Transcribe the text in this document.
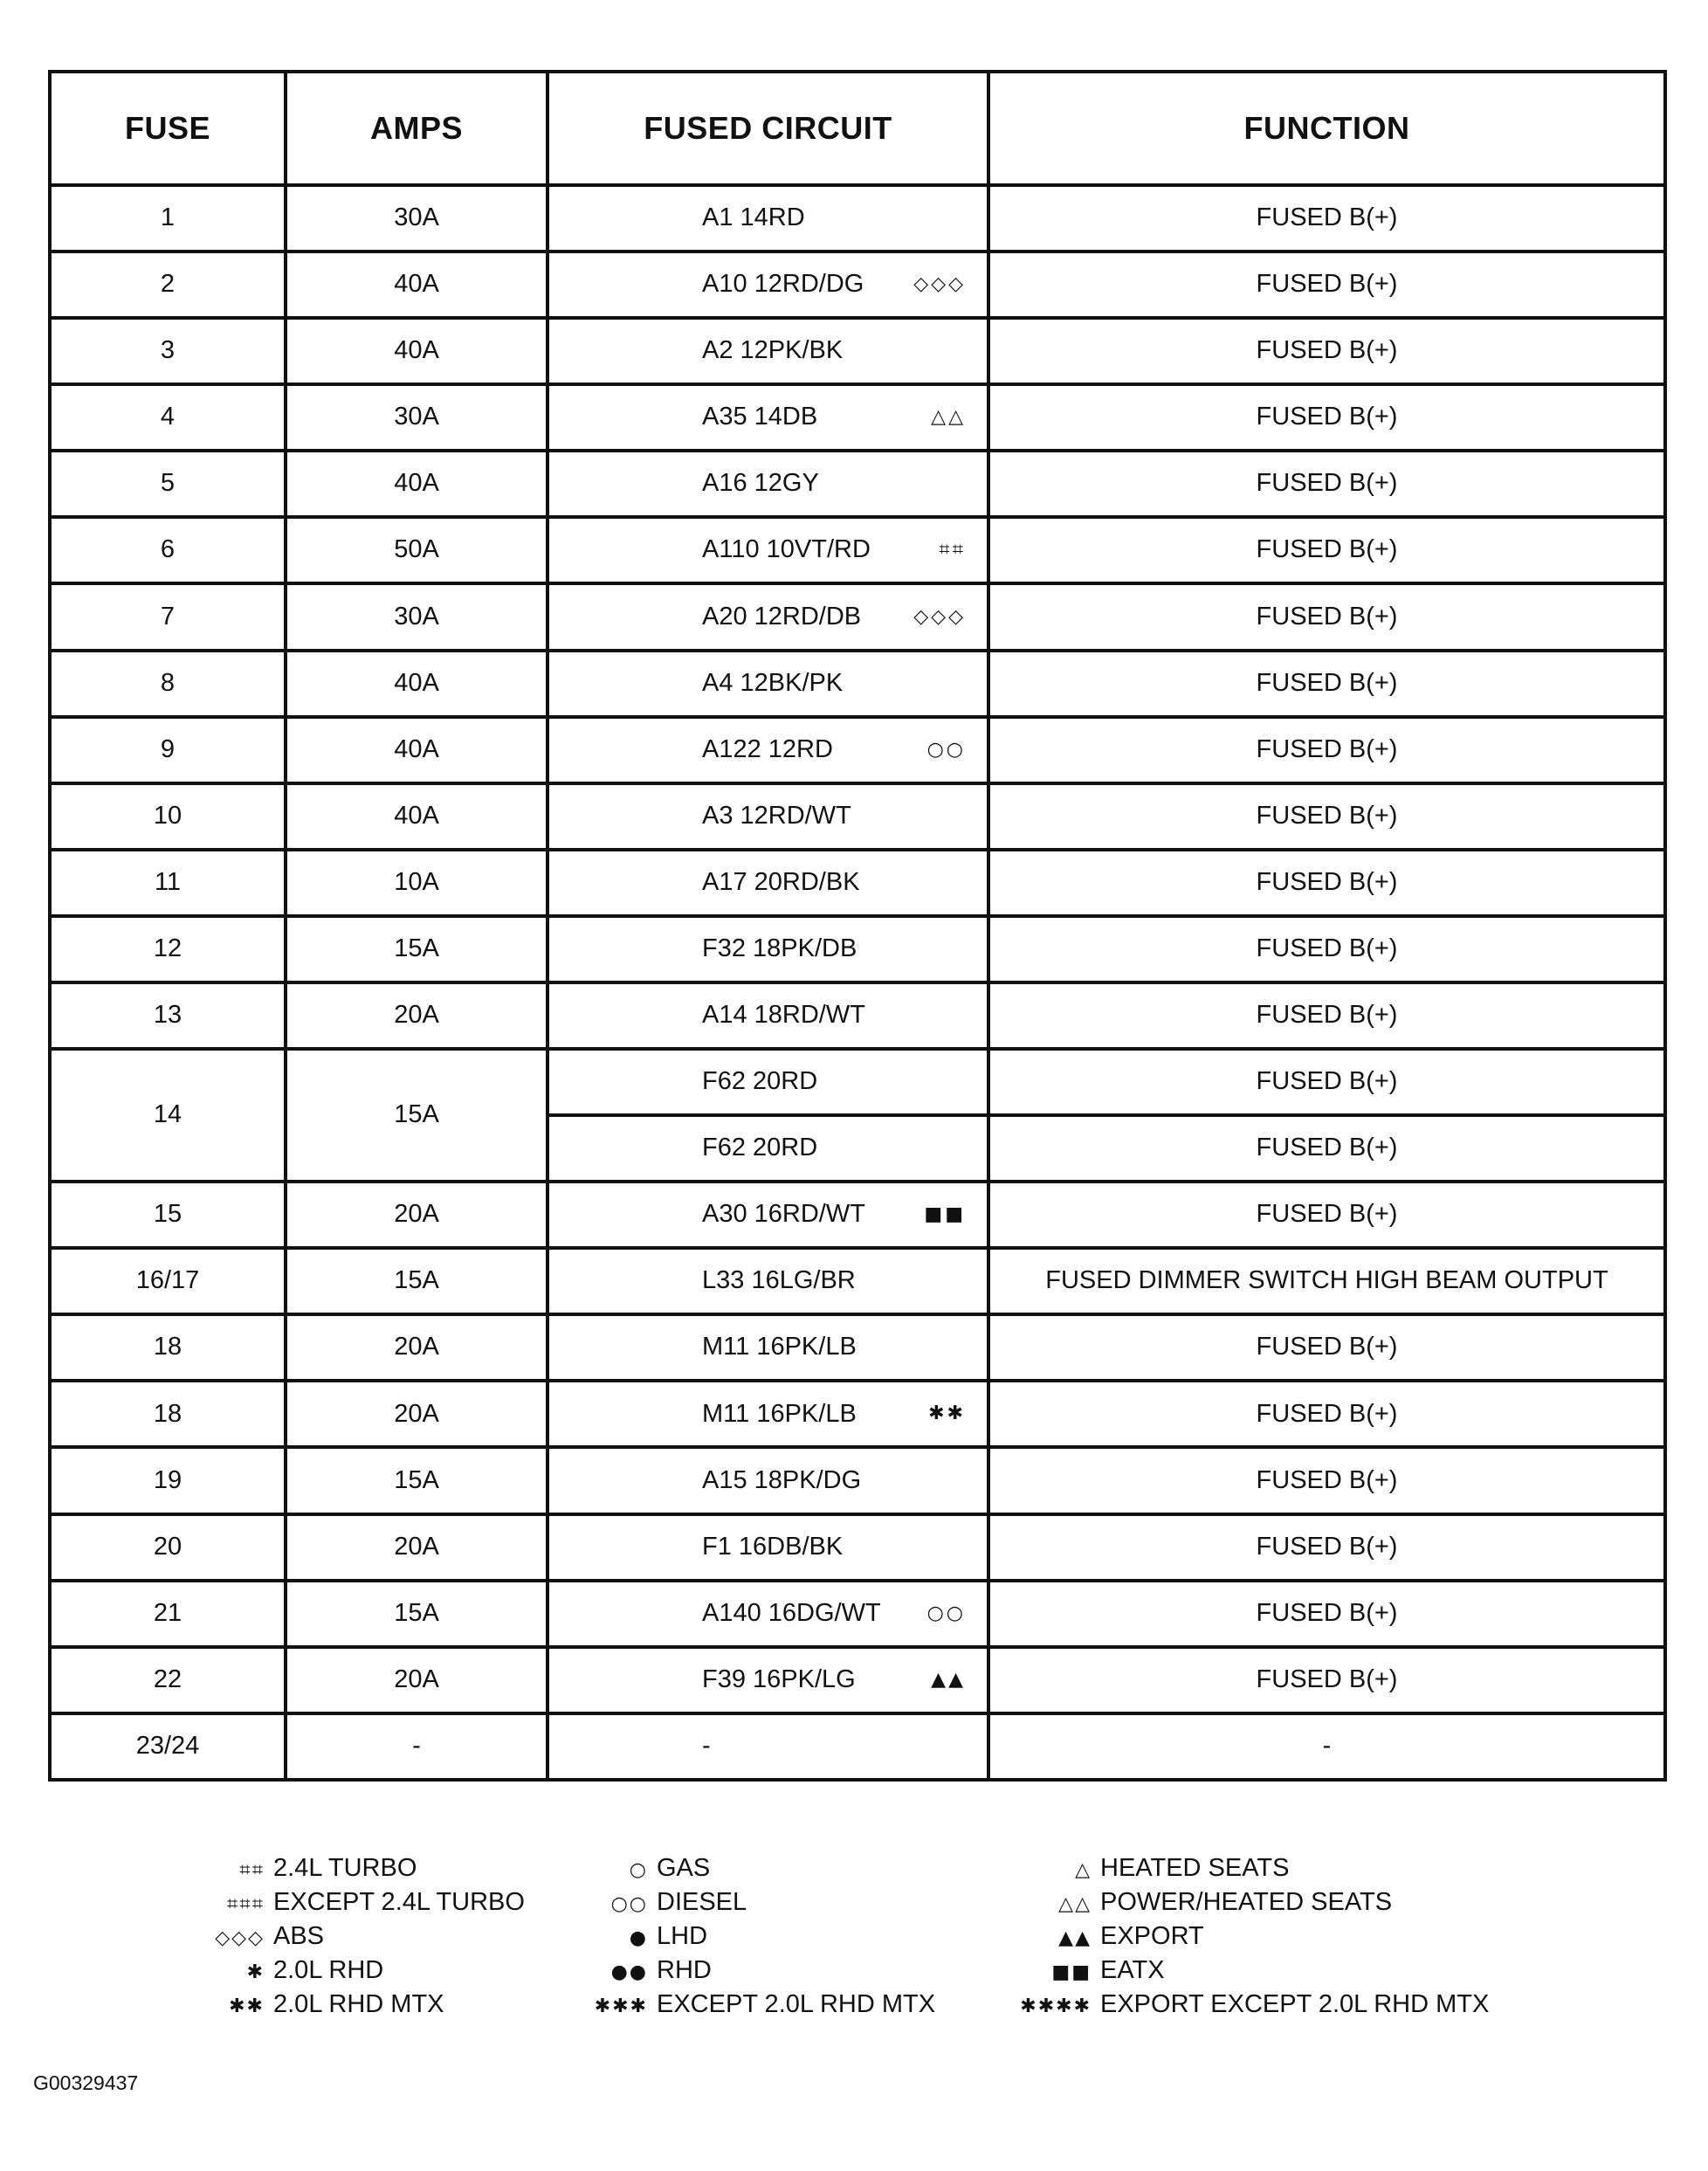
FUSE	AMPS	FUSED CIRCUIT	FUNCTION
1	30A	A1 14RD	FUSED B(+)
2	40A	A10 12RD/DG ◇◇◇	FUSED B(+)
3	40A	A2 12PK/BK	FUSED B(+)
4	30A	A35 14DB △△	FUSED B(+)
5	40A	A16 12GY	FUSED B(+)
6	50A	A110 10VT/RD ⌗⌗	FUSED B(+)
7	30A	A20 12RD/DB ◇◇◇	FUSED B(+)
8	40A	A4 12BK/PK	FUSED B(+)
9	40A	A122 12RD ○○	FUSED B(+)
10	40A	A3 12RD/WT	FUSED B(+)
11	10A	A17 20RD/BK	FUSED B(+)
12	15A	F32 18PK/DB	FUSED B(+)
13	20A	A14 18RD/WT	FUSED B(+)
14	15A	F62 20RD	FUSED B(+)
		F62 20RD	FUSED B(+)
15	20A	A30 16RD/WT ■■	FUSED B(+)
16/17	15A	L33 16LG/BR	FUSED DIMMER SWITCH HIGH BEAM OUTPUT
18	20A	M11 16PK/LB	FUSED B(+)
18	20A	M11 16PK/LB ✱✱	FUSED B(+)
19	15A	A15 18PK/DG	FUSED B(+)
20	20A	F1 16DB/BK	FUSED B(+)
21	15A	A140 16DG/WT ○○	FUSED B(+)
22	20A	F39 16PK/LG ▲▲	FUSED B(+)
23/24	-	-	-
⌗⌗ 2.4L TURBO
⌗⌗⌗ EXCEPT 2.4L TURBO
◇◇◇ ABS
✱ 2.0L RHD
✱✱ 2.0L RHD MTX
○ GAS
○○ DIESEL
● LHD
●● RHD
✱✱✱ EXCEPT 2.0L RHD MTX
△ HEATED SEATS
△△ POWER/HEATED SEATS
▲▲ EXPORT
■■ EATX
✱✱✱✱ EXPORT EXCEPT 2.0L RHD MTX
G00329437
